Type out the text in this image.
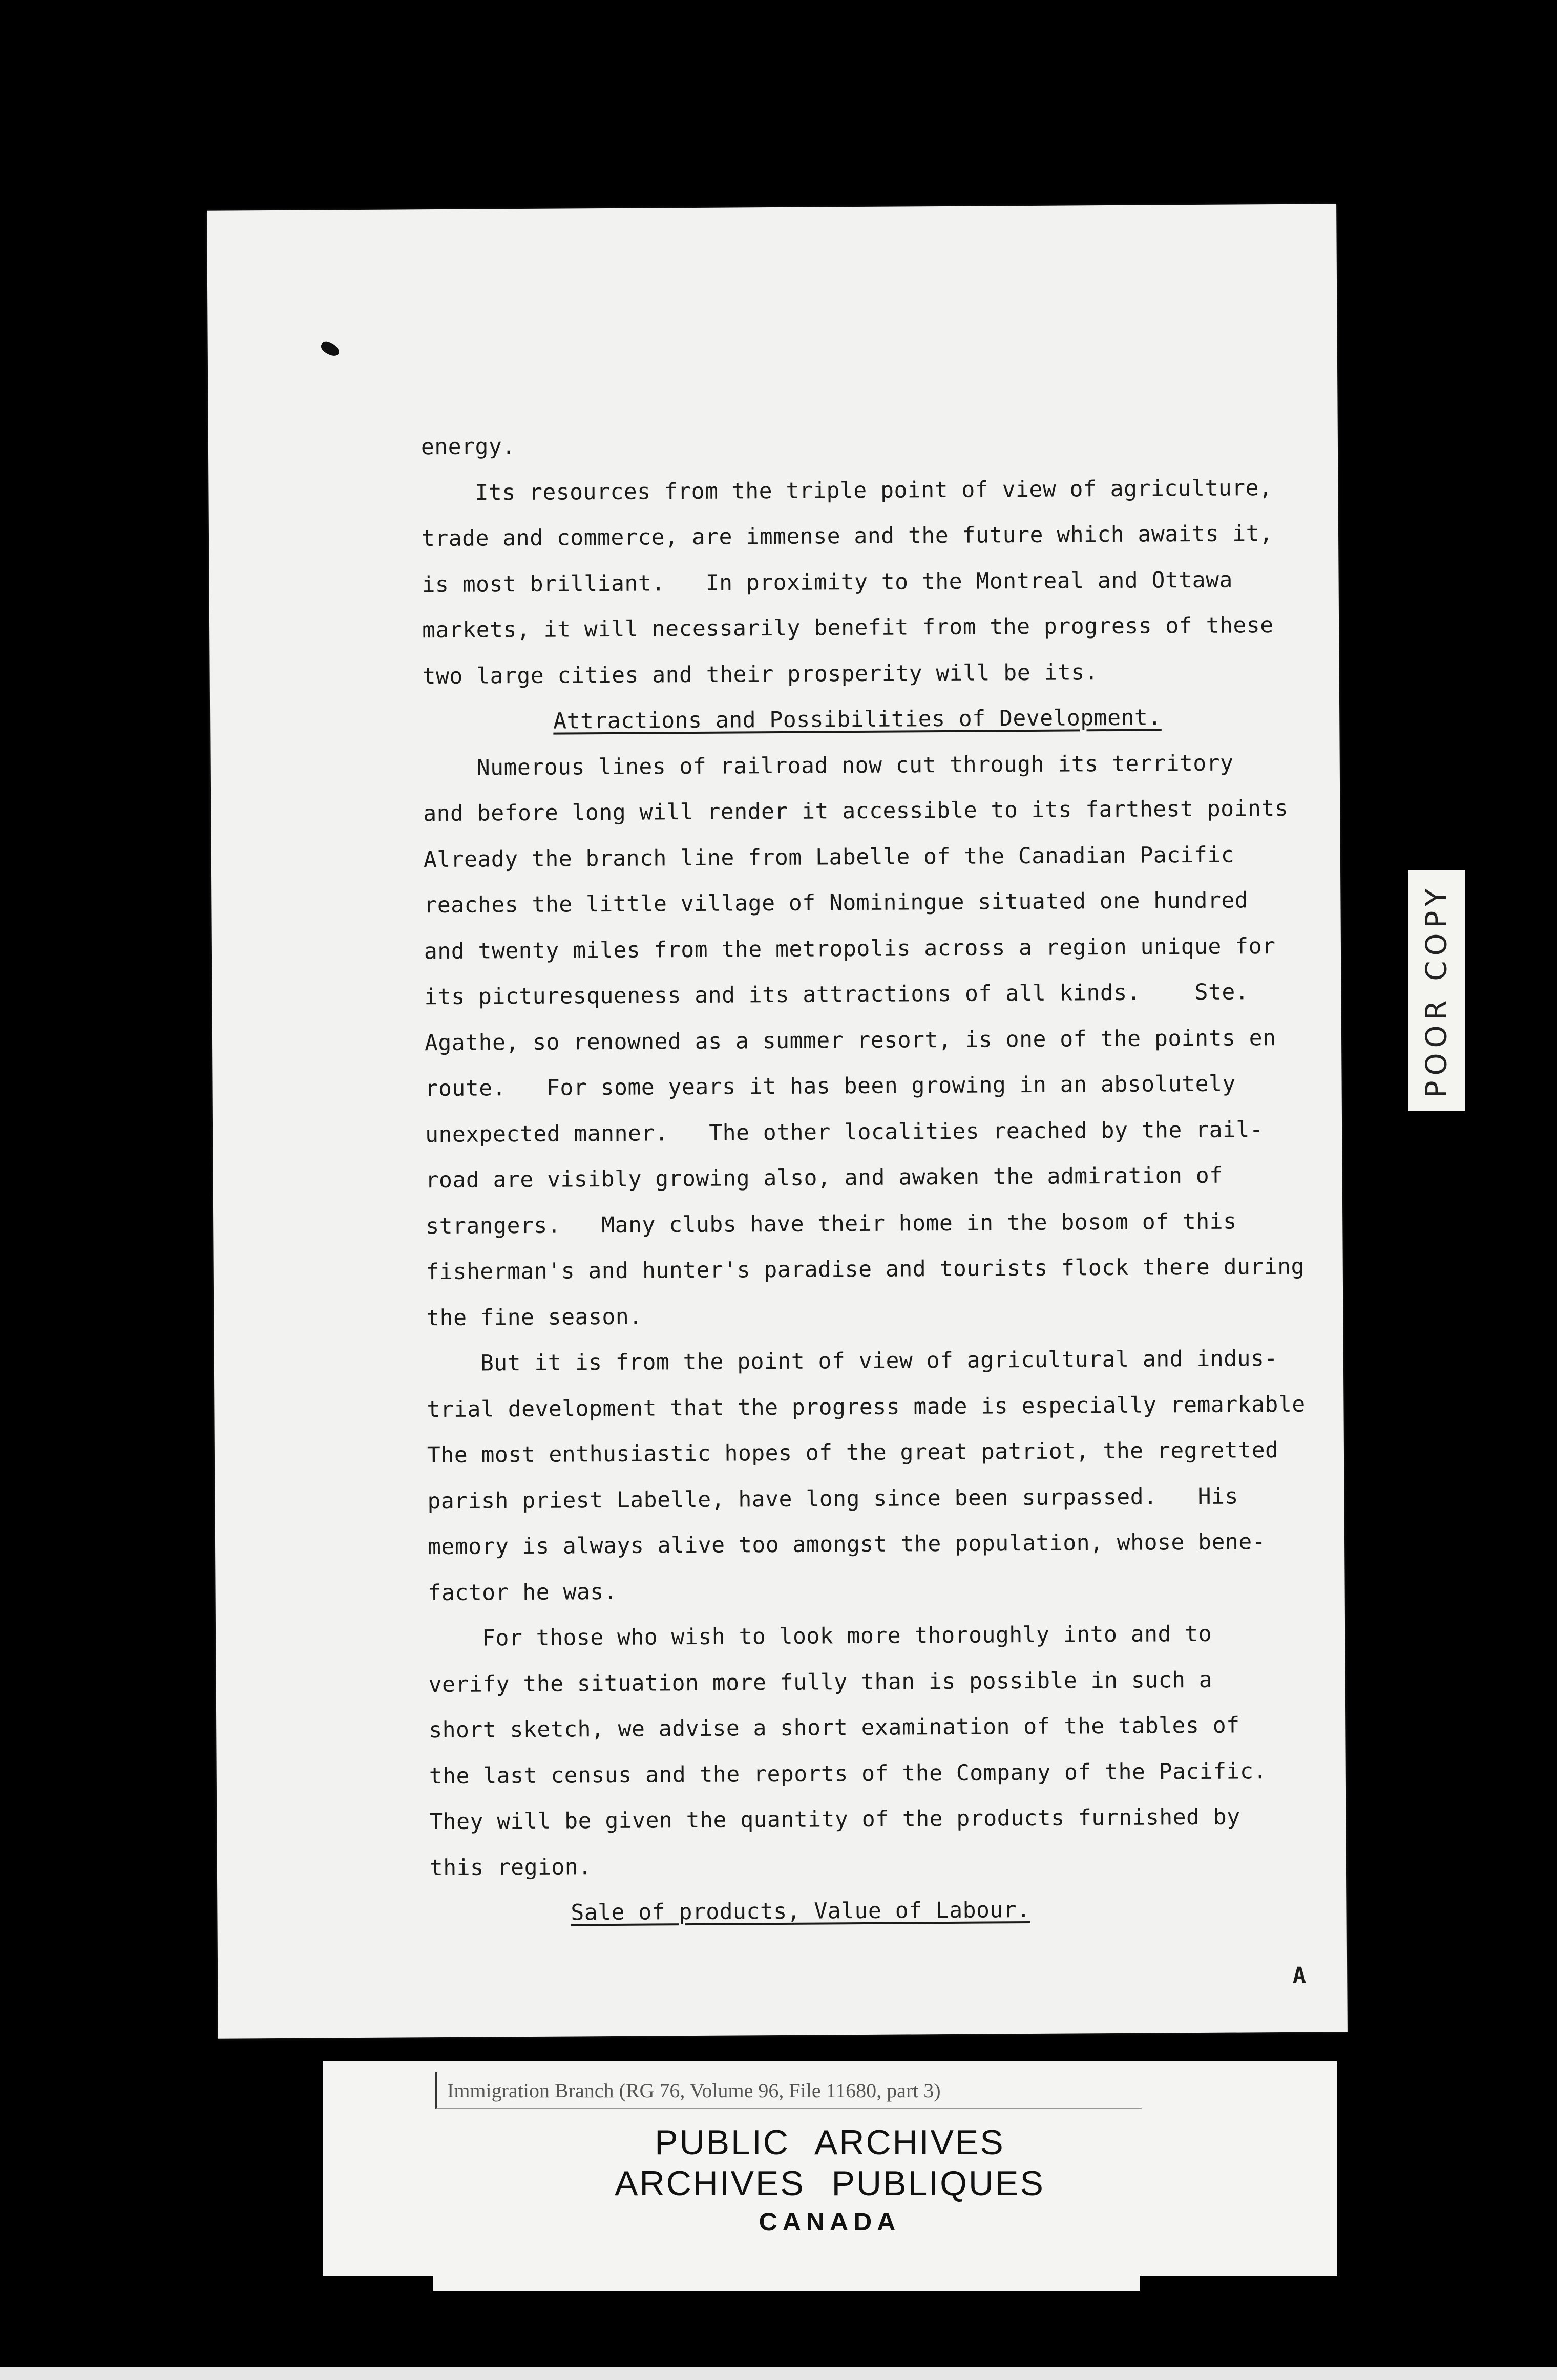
energy.
Its resources from the triple point of view of agriculture,
trade and commerce, are immense and the future which awaits it,
is most brilliant.   In proximity to the Montreal and Ottawa
markets, it will necessarily benefit from the progress of these
two large cities and their prosperity will be its.
Attractions and Possibilities of Development.
Numerous lines of railroad now cut through its territory
and before long will render it accessible to its farthest points
Already the branch line from Labelle of the Canadian Pacific
reaches the little village of Nominingue situated one hundred
and twenty miles from the metropolis across a region unique for
its picturesqueness and its attractions of all kinds.    Ste.
Agathe, so renowned as a summer resort, is one of the points en
route.   For some years it has been growing in an absolutely
unexpected manner.   The other localities reached by the rail-
road are visibly growing also, and awaken the admiration of
strangers.   Many clubs have their home in the bosom of this
fisherman's and hunter's paradise and tourists flock there during
the fine season.
But it is from the point of view of agricultural and indus-
trial development that the progress made is especially remarkable
The most enthusiastic hopes of the great patriot, the regretted
parish priest Labelle, have long since been surpassed.   His
memory is always alive too amongst the population, whose bene-
factor he was.
For those who wish to look more thoroughly into and to
verify the situation more fully than is possible in such a
short sketch, we advise a short examination of the tables of
the last census and the reports of the Company of the Pacific.
They will be given the quantity of the products furnished by
this region.
Sale of products, Value of Labour.
A
POOR COPY
Immigration Branch (RG 76, Volume 96, File 11680, part 3)
PUBLIC ARCHIVES
ARCHIVES PUBLIQUES
CANADA
